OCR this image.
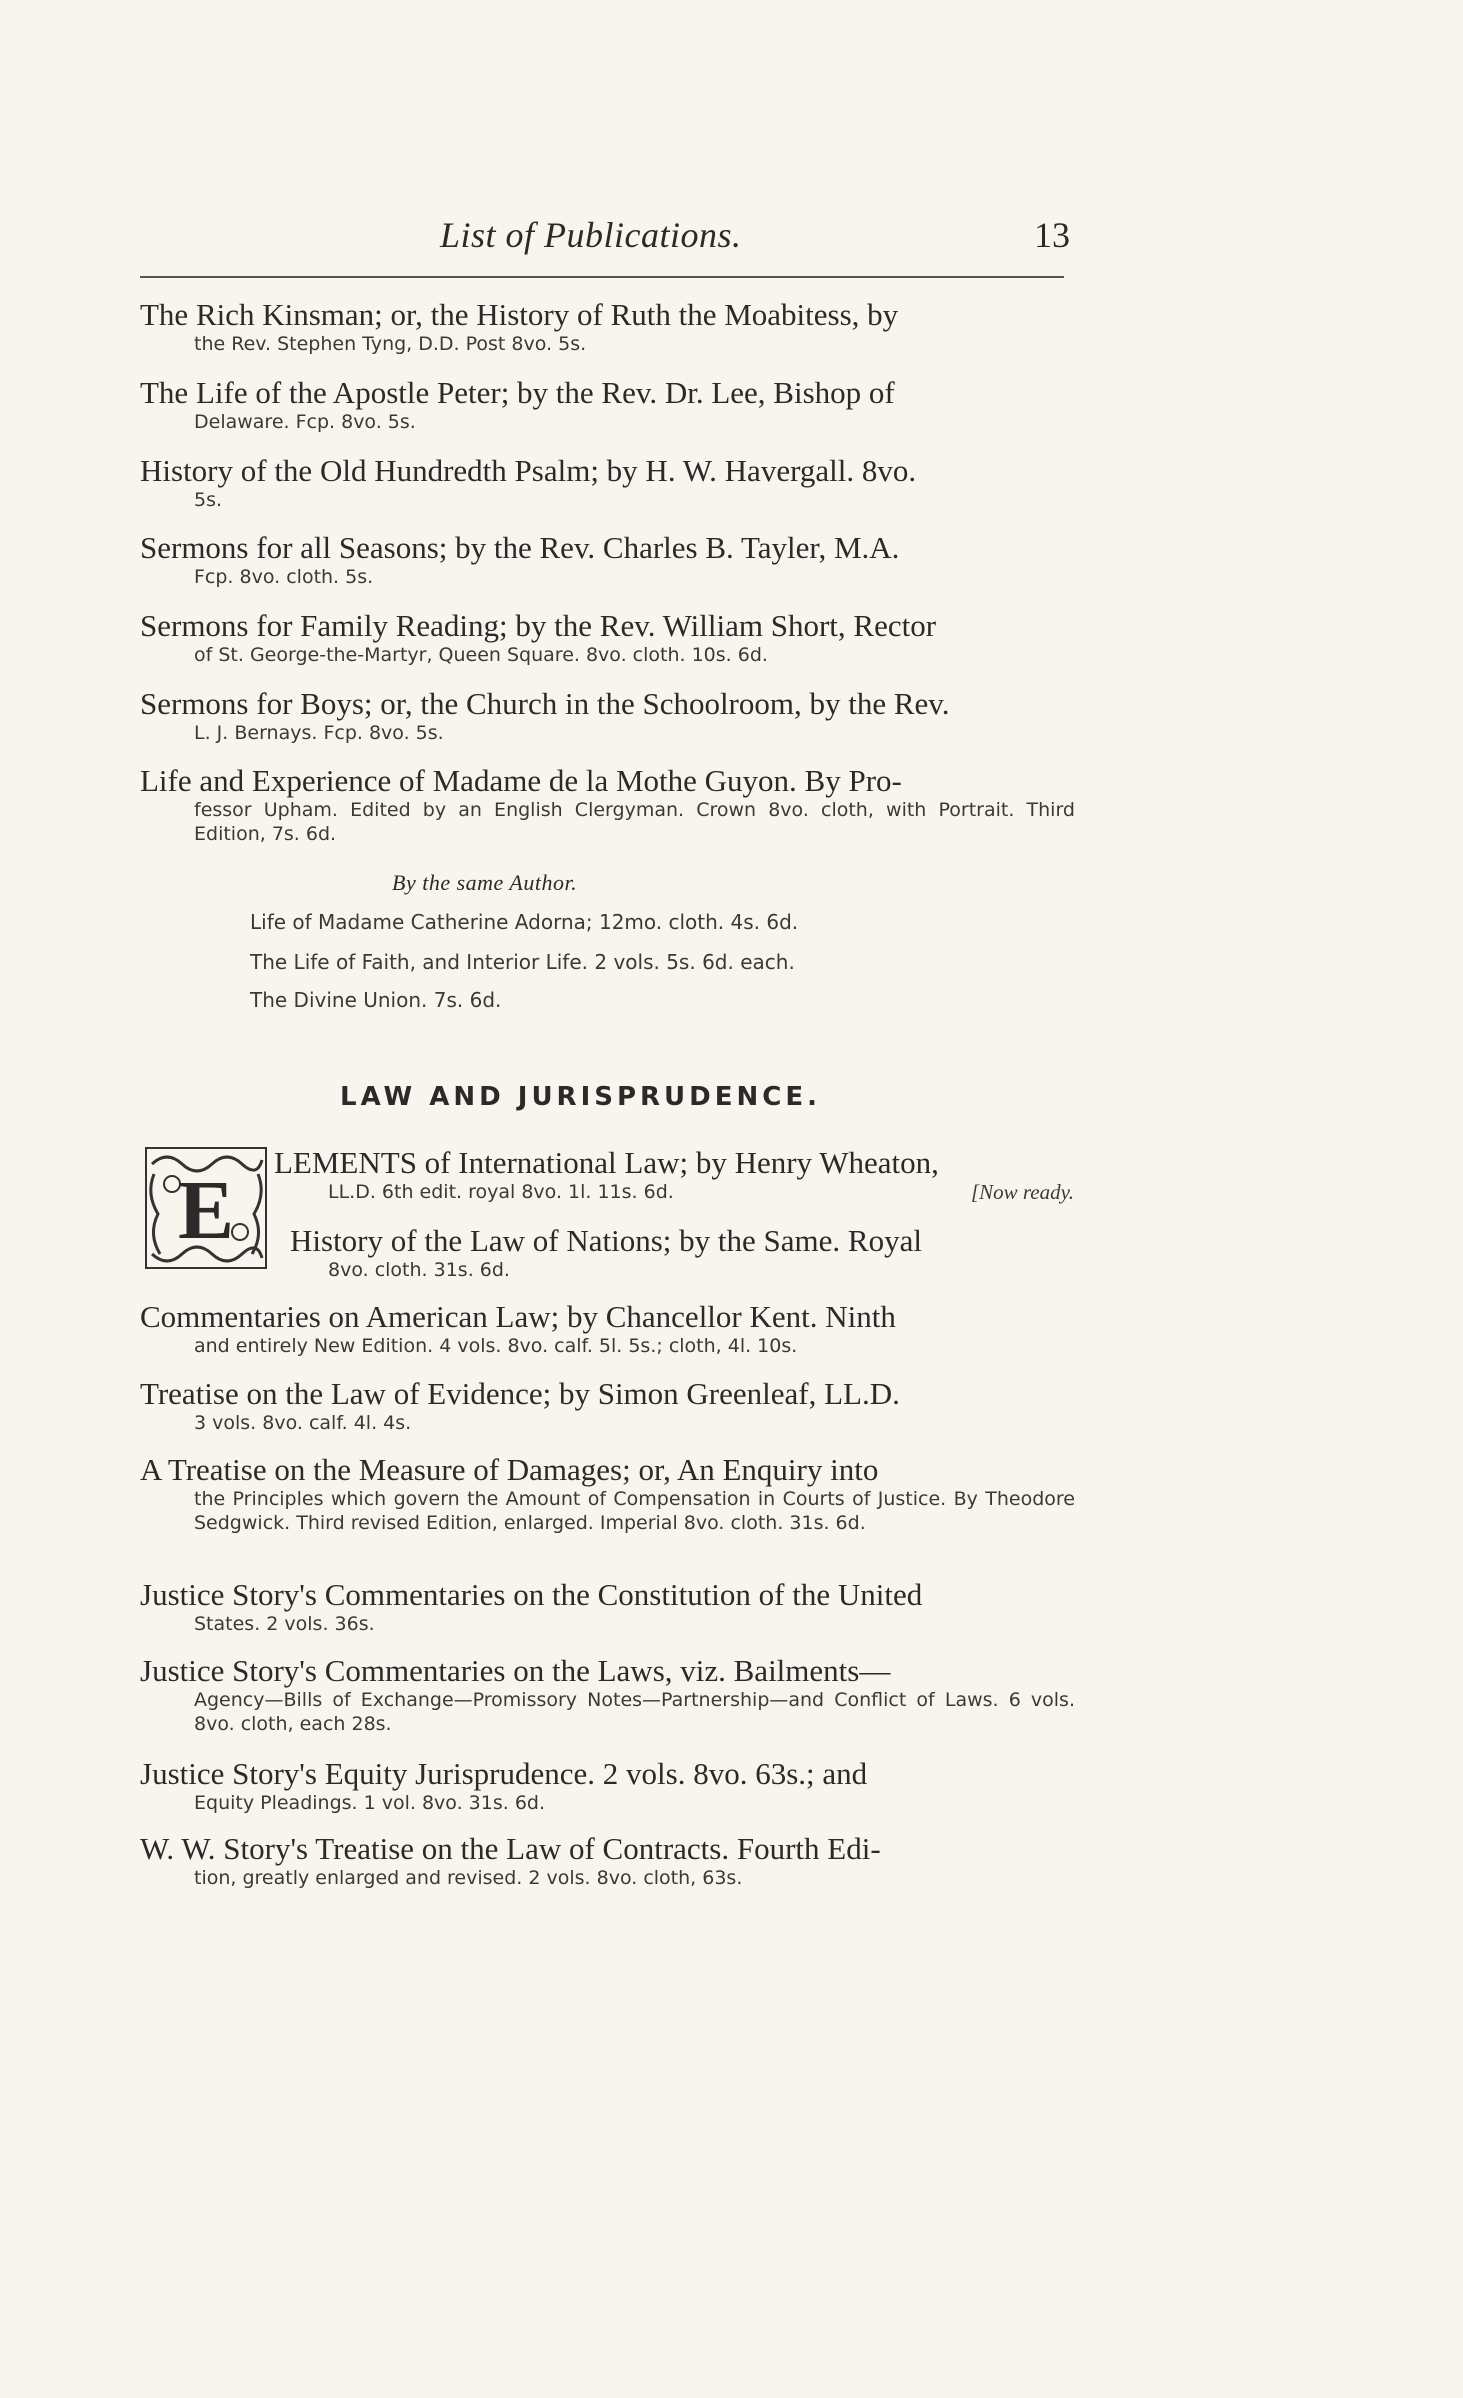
List of Publications.	13
The Rich Kinsman; or, the History of Ruth the Moabitess, by
the Rev. Stephen Tyng, D.D. Post 8vo. 5s.
The Life of the Apostle Peter; by the Rev. Dr. Lee, Bishop of
Delaware. Fcp. 8vo. 5s.
History of the Old Hundredth Psalm; by H. W. Havergall. 8vo.
5s.
Sermons for all Seasons; by the Rev. Charles B. Tayler, M.A.
Fcp. 8vo. cloth. 5s.
Sermons for Family Reading; by the Rev. William Short, Rector
of St. George-the-Martyr, Queen Square. 8vo. cloth. 10s. 6d.
Sermons for Boys; or, the Church in the Schoolroom, by the Rev.
L. J. Bernays. Fcp. 8vo. 5s.
Life and Experience of Madame de la Mothe Guyon. By Pro-
fessor Upham. Edited by an English Clergyman. Crown 8vo. cloth, with Portrait. Third Edition, 7s. 6d.
By the same Author.
Life of Madame Catherine Adorna; 12mo. cloth. 4s. 6d.
The Life of Faith, and Interior Life. 2 vols. 5s. 6d. each.
The Divine Union. 7s. 6d.
LAW AND JURISPRUDENCE.
E
LEMENTS of International Law; by Henry Wheaton,
LL.D. 6th edit. royal 8vo. 1l. 11s. 6d.	[Now ready.
History of the Law of Nations; by the Same. Royal
8vo. cloth. 31s. 6d.
Commentaries on American Law; by Chancellor Kent. Ninth
and entirely New Edition. 4 vols. 8vo. calf. 5l. 5s.; cloth, 4l. 10s.
Treatise on the Law of Evidence; by Simon Greenleaf, LL.D.
3 vols. 8vo. calf. 4l. 4s.
A Treatise on the Measure of Damages; or, An Enquiry into
the Principles which govern the Amount of Compensation in Courts of Justice. By Theodore Sedgwick. Third revised Edition, enlarged. Imperial 8vo. cloth. 31s. 6d.
Justice Story's Commentaries on the Constitution of the United
States. 2 vols. 36s.
Justice Story's Commentaries on the Laws, viz. Bailments—
Agency—Bills of Exchange—Promissory Notes—Partnership—and Conflict of Laws. 6 vols. 8vo. cloth, each 28s.
Justice Story's Equity Jurisprudence. 2 vols. 8vo. 63s.; and
Equity Pleadings. 1 vol. 8vo. 31s. 6d.
W. W. Story's Treatise on the Law of Contracts. Fourth Edi-
tion, greatly enlarged and revised. 2 vols. 8vo. cloth, 63s.
